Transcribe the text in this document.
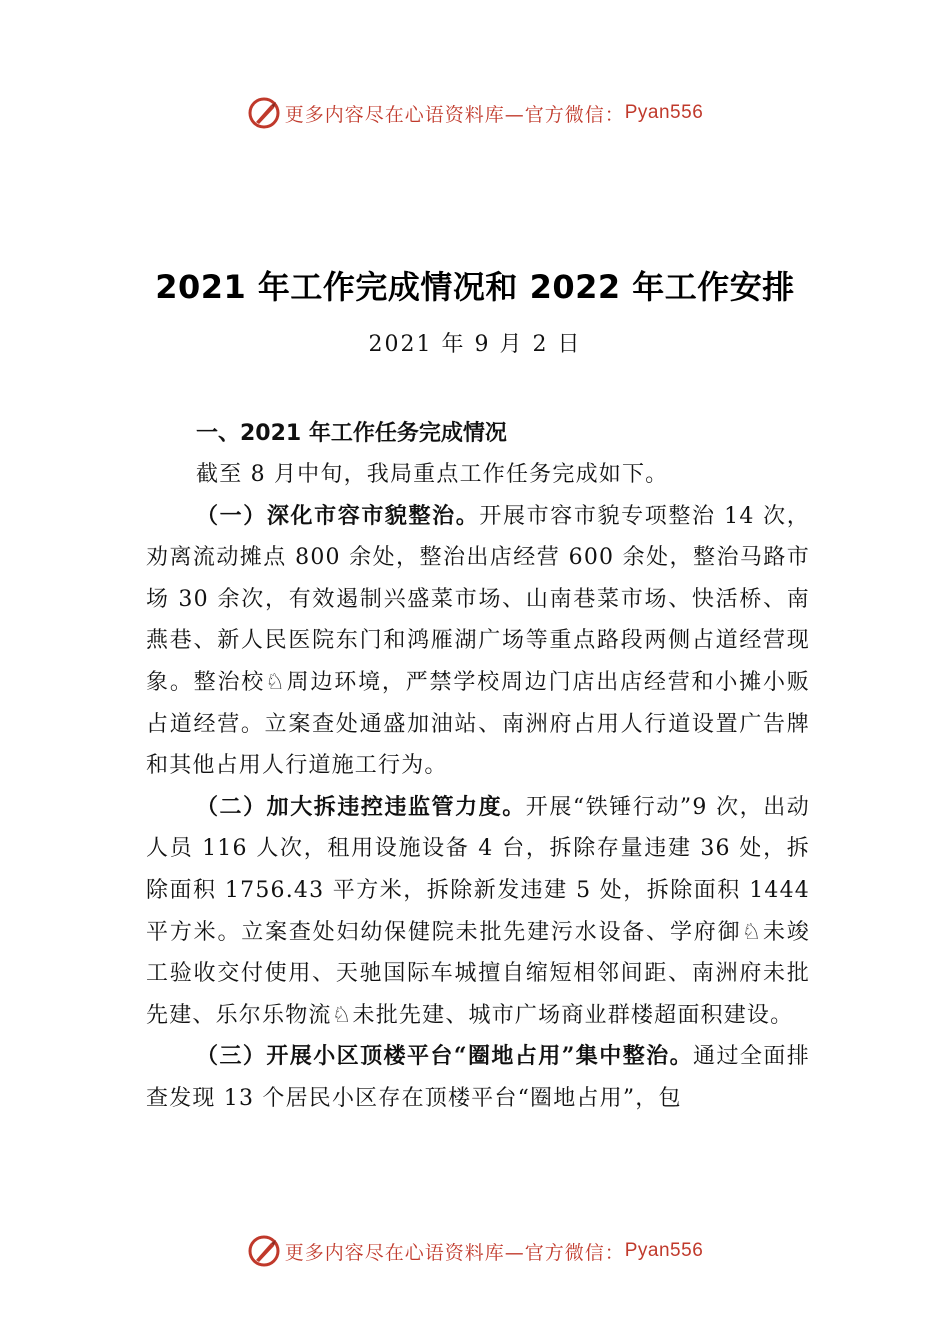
更多内容尽在心语资料库 —官方微信： Pyan556
2021 年工作完成情况和 2022 年工作安排
2021 年 9 月 2 日
一、2021 年工作任务完成情况

截至 8 月中旬，我局重点工作任务完成如下。

（一）深化市容市貌整治。开展市容市貌专项整治 14 次，劝离流动摊点 800 余处，整治出店经营 600 余处，整治马路市场 30 余次，有效遏制兴盛菜市场、山南巷菜市场、快活桥、南燕巷、新人民医院东门和鸿雁湖广场等重点路段两侧占道经营现象。整治校♘周边环境，严禁学校周边门店出店经营和小摊小贩占道经营。立案查处通盛加油站、南洲府占用人行道设置广告牌和其他占用人行道施工行为。

（二）加大拆违控违监管力度。开展“铁锤行动”9 次，出动人员 116 人次，租用设施设备 4 台，拆除存量违建 36 处，拆除面积 1756.43 平方米，拆除新发违建 5 处，拆除面积 1444 平方米。立案查处妇幼保健院未批先建污水设备、学府御♘未竣工验收交付使用、天驰国际车城擅自缩短相邻间距、南洲府未批先建、乐尔乐物流♘未批先建、城市广场商业群楼超面积建设。

（三）开展小区顶楼平台“圈地占用”集中整治。通过全面排查发现 13 个居民小区存在顶楼平台“圈地占用”，包

更多内容尽在心语资料库 —官方微信： Pyan556
